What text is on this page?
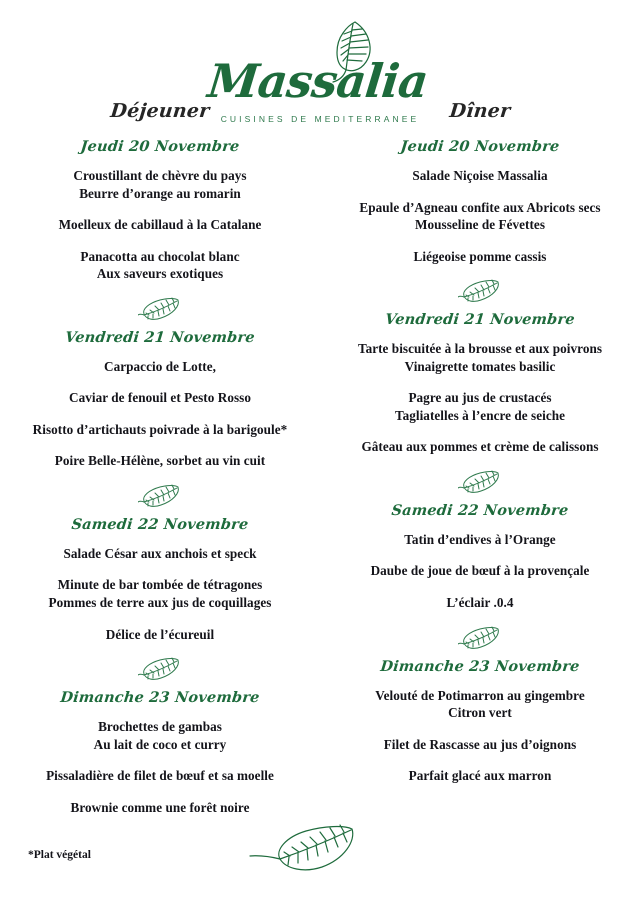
Massalia
CUISINES DE MEDITERRANEE
Déjeuner
Jeudi 20 Novembre
Croustillant de chèvre du pays
Beurre d’orange au romarin
Moelleux de cabillaud à la Catalane
Panacotta au chocolat blanc
Aux saveurs exotiques
Vendredi 21 Novembre
Carpaccio de Lotte,
Caviar de fenouil et Pesto Rosso
Risotto d’artichauts poivrade à la barigoule*
Poire Belle-Hélène, sorbet au vin cuit
Samedi 22 Novembre
Salade César aux anchois et speck
Minute de bar tombée de tétragones
Pommes de terre aux jus de coquillages
Délice de l’écureuil
Dimanche 23 Novembre
Brochettes de gambas
Au lait de coco et curry
Pissaladière de filet de bœuf et sa moelle
Brownie comme une forêt noire
Dîner
Jeudi 20 Novembre
Salade Niçoise Massalia
Epaule d’Agneau confite aux Abricots secs
Mousseline de Févettes
Liégeoise pomme cassis
Vendredi 21 Novembre
Tarte biscuitée à la brousse et aux poivrons
Vinaigrette tomates basilic
Pagre au jus de crustacés
Tagliatelles à l’encre de seiche
Gâteau aux pommes et crème de calissons
Samedi 22 Novembre
Tatin d’endives à l’Orange
Daube de joue de bœuf à la provençale
L’éclair .0.4
Dimanche 23 Novembre
Velouté de Potimarron au gingembre
Citron vert
Filet de Rascasse au jus d’oignons
Parfait glacé aux marron
*Plat végétal
